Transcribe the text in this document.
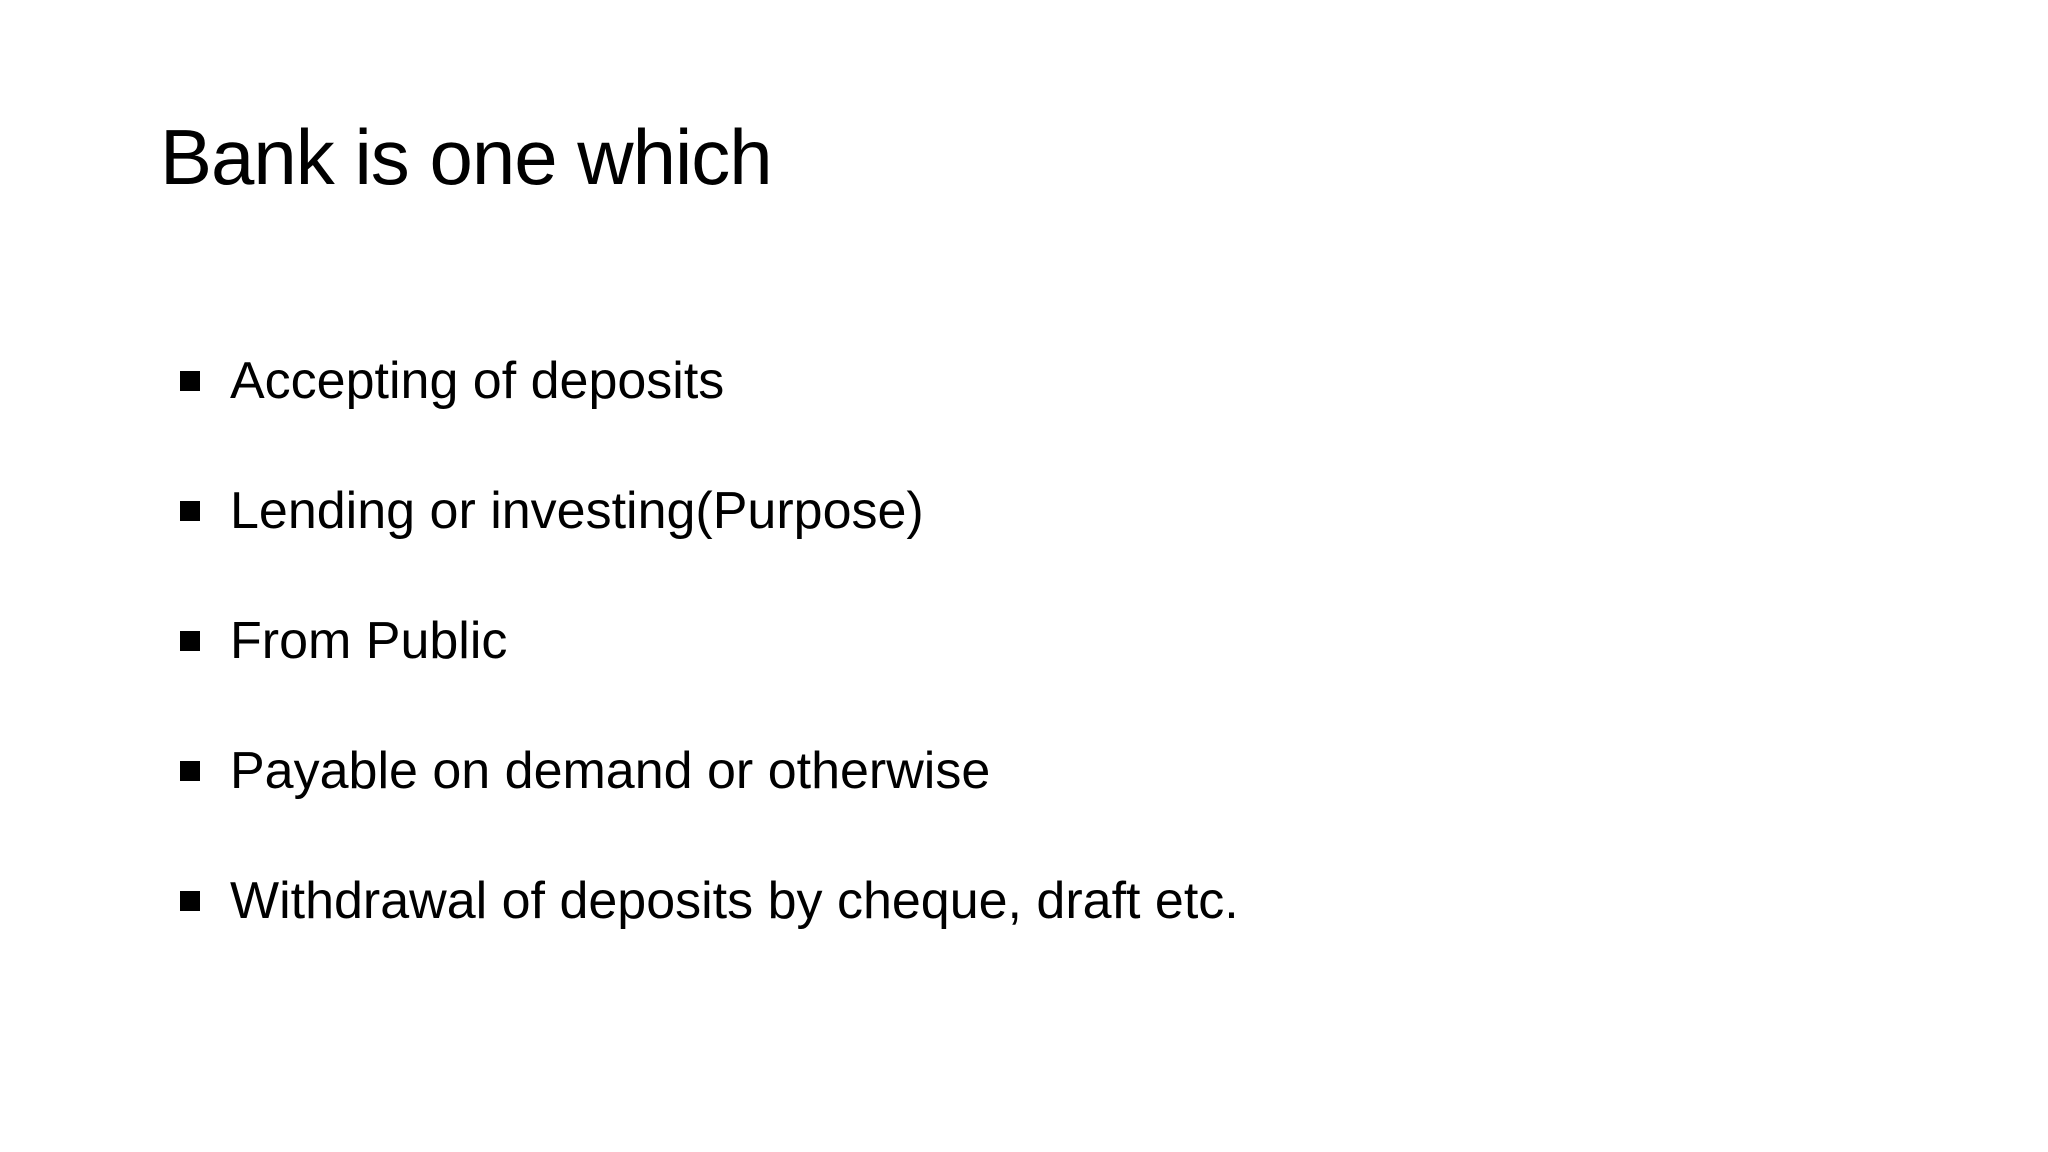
Bank is one which
Accepting of deposits
Lending or investing(Purpose)
From Public
Payable on demand or otherwise
Withdrawal of deposits by cheque, draft etc.
